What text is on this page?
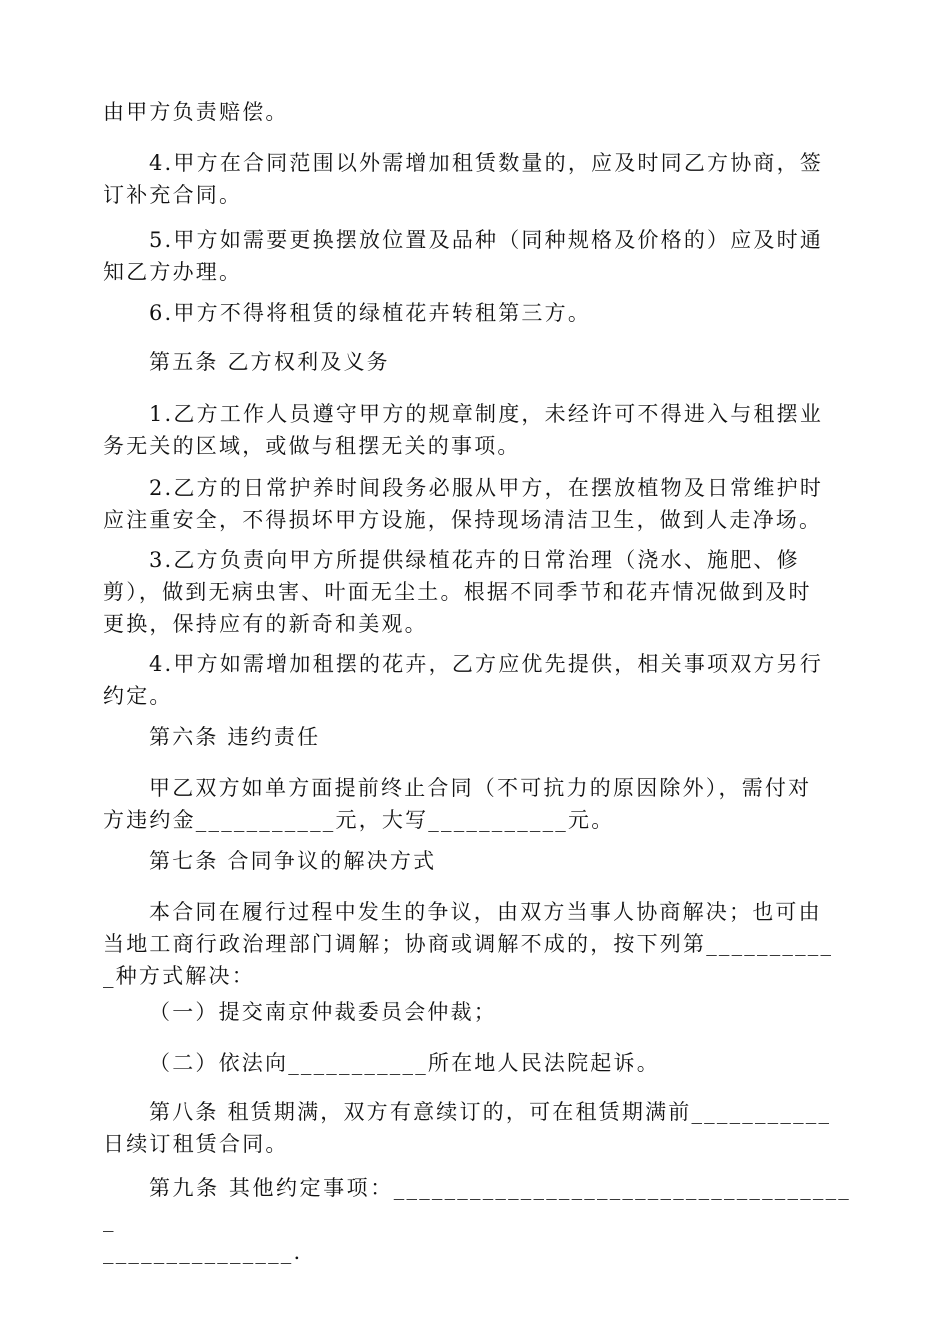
由甲方负责赔偿。

4.甲方在合同范围以外需增加租赁数量的，应及时同乙方协商，签
订补充合同。

5.甲方如需要更换摆放位置及品种（同种规格及价格的）应及时通
知乙方办理。

6.甲方不得将租赁的绿植花卉转租第三方。

第五条 乙方权利及义务

1.乙方工作人员遵守甲方的规章制度，未经许可不得进入与租摆业
务无关的区域，或做与租摆无关的事项。

2.乙方的日常护养时间段务必服从甲方，在摆放植物及日常维护时
应注重安全，不得损坏甲方设施，保持现场清洁卫生，做到人走净场。

3.乙方负责向甲方所提供绿植花卉的日常治理（浇水、施肥、修
剪），做到无病虫害、叶面无尘土。根据不同季节和花卉情况做到及时
更换，保持应有的新奇和美观。

4.甲方如需增加租摆的花卉，乙方应优先提供，相关事项双方另行
约定。

第六条 违约责任

甲乙双方如单方面提前终止合同（不可抗力的原因除外），需付对
方违约金___________元，大写___________元。

第七条 合同争议的解决方式

本合同在履行过程中发生的争议，由双方当事人协商解决；也可由
当地工商行政治理部门调解；协商或调解不成的，按下列第__________
_种方式解决：

（一）提交南京仲裁委员会仲裁；

（二）依法向___________所在地人民法院起诉。

第八条 租赁期满，双方有意续订的，可在租赁期满前___________
日续订租赁合同。

第九条 其他约定事项：_____________________________________
_______________.
